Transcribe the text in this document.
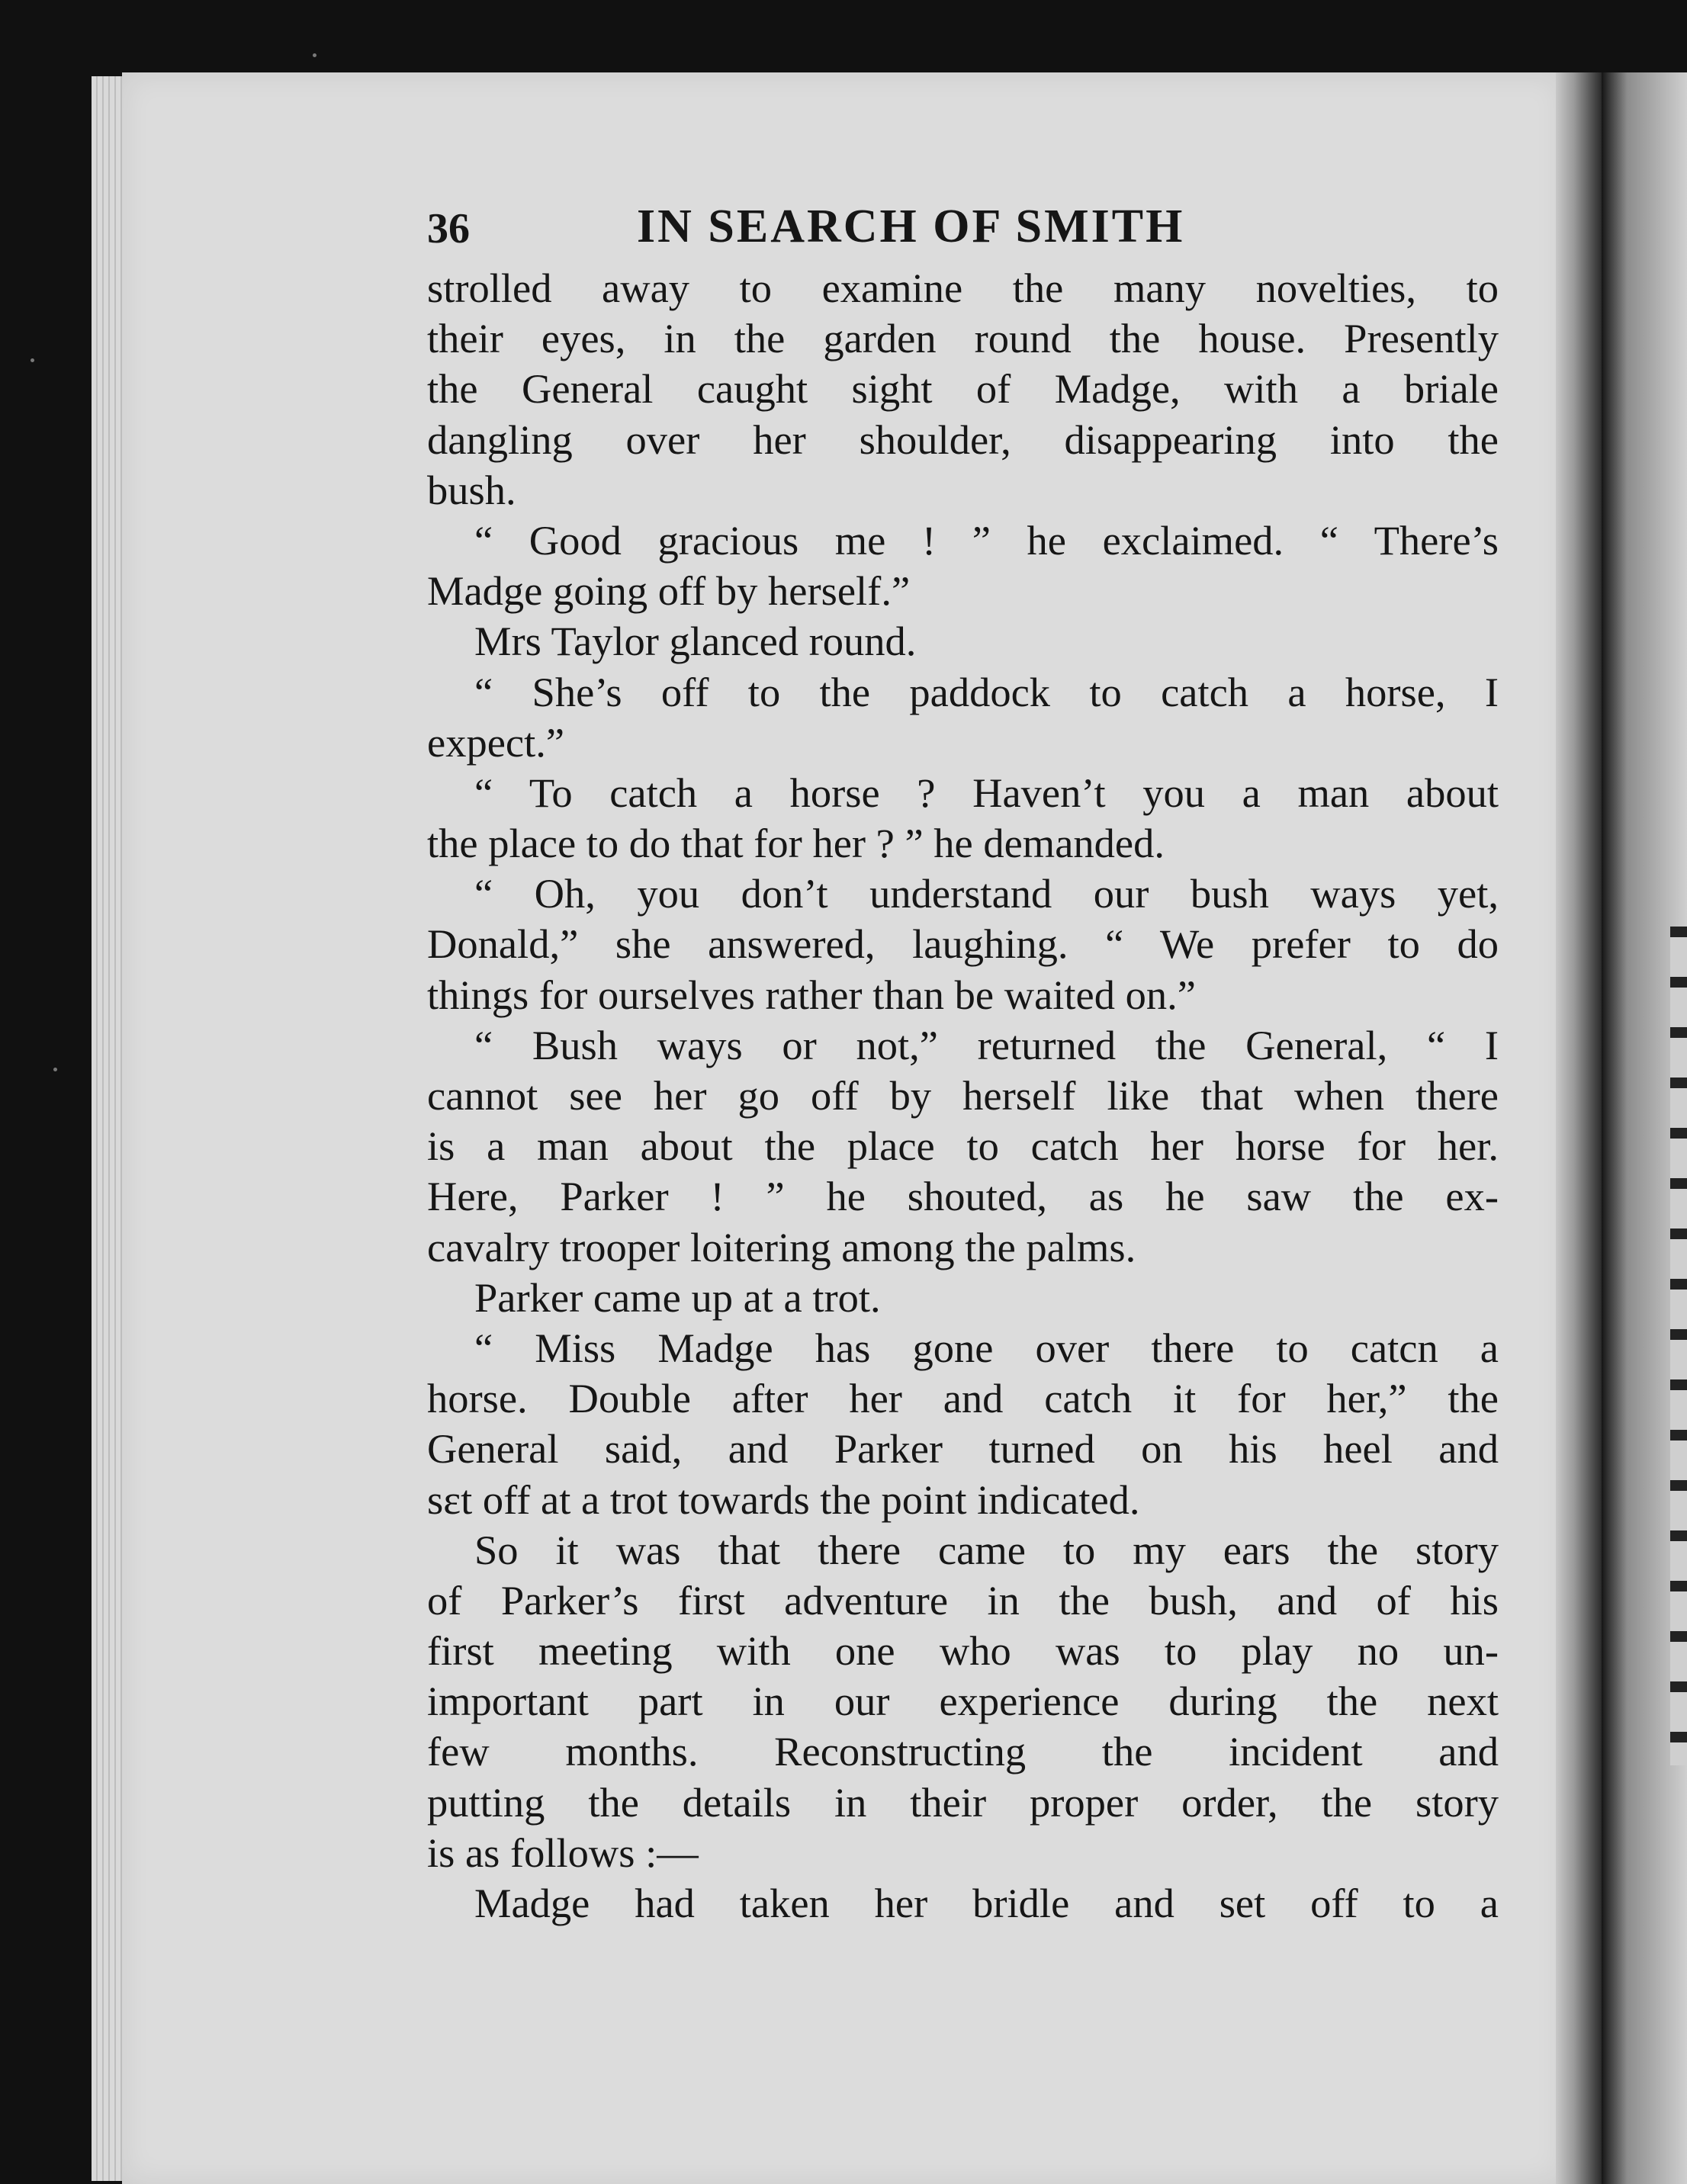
36	IN SEARCH OF SMITH
strolled away to examine the many novelties, to
their eyes, in the garden round the house. Presently
the General caught sight of Madge, with a briale
dangling over her shoulder, disappearing into the
bush.
“ Good gracious me ! ” he exclaimed. “ There’s
Madge going off by herself.”
Mrs Taylor glanced round.
“ She’s off to the paddock to catch a horse, I
expect.”
“ To catch a horse ? Haven’t you a man about
the place to do that for her ? ” he demanded.
“ Oh, you don’t understand our bush ways yet,
Donald,” she answered, laughing. “ We prefer to do
things for ourselves rather than be waited on.”
“ Bush ways or not,” returned the General, “ I
cannot see her go off by herself like that when there
is a man about the place to catch her horse for her.
Here, Parker ! ” he shouted, as he saw the ex-
cavalry trooper loitering among the palms.
Parker came up at a trot.
“ Miss Madge has gone over there to catcn a
horse. Double after her and catch it for her,” the
General said, and Parker turned on his heel and
sɛt off at a trot towards the point indicated.
So it was that there came to my ears the story
of Parker’s first adventure in the bush, and of his
first meeting with one who was to play no un-
important part in our experience during the next
few months. Reconstructing the incident and
putting the details in their proper order, the story
is as follows :—
Madge had taken her bridle and set off to a
